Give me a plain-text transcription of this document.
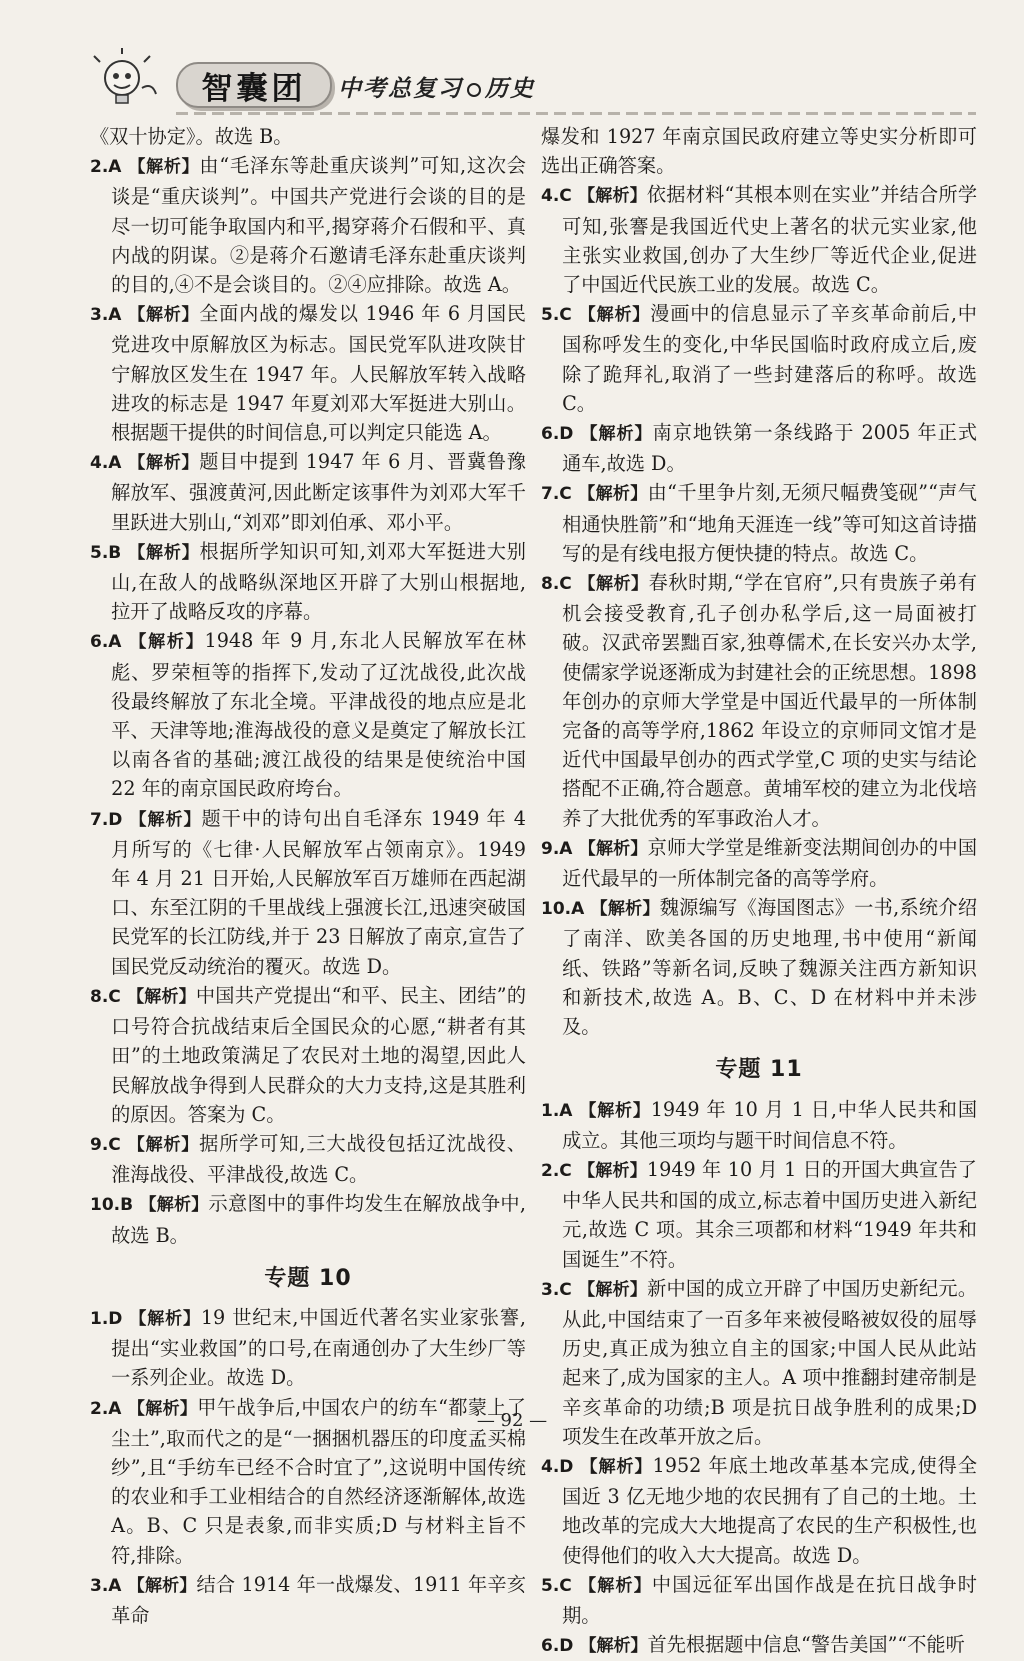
智囊团 中考总复习 历史

《双十协定》。故选 B。

2.A 【解析】由“毛泽东等赴重庆谈判”可知,这次会谈是“重庆谈判”。中国共产党进行会谈的目的是尽一切可能争取国内和平,揭穿蒋介石假和平、真内战的阴谋。②是蒋介石邀请毛泽东赴重庆谈判的目的,④不是会谈目的。②④应排除。故选 A。

3.A 【解析】全面内战的爆发以 1946 年 6 月国民党进攻中原解放区为标志。国民党军队进攻陕甘宁解放区发生在 1947 年。人民解放军转入战略进攻的标志是 1947 年夏刘邓大军挺进大别山。根据题干提供的时间信息,可以判定只能选 A。

4.A 【解析】题目中提到 1947 年 6 月、晋冀鲁豫解放军、强渡黄河,因此断定该事件为刘邓大军千里跃进大别山,“刘邓”即刘伯承、邓小平。

5.B 【解析】根据所学知识可知,刘邓大军挺进大别山,在敌人的战略纵深地区开辟了大别山根据地,拉开了战略反攻的序幕。

6.A 【解析】1948 年 9 月,东北人民解放军在林彪、罗荣桓等的指挥下,发动了辽沈战役,此次战役最终解放了东北全境。平津战役的地点应是北平、天津等地;淮海战役的意义是奠定了解放长江以南各省的基础;渡江战役的结果是使统治中国 22 年的南京国民政府垮台。

7.D 【解析】题干中的诗句出自毛泽东 1949 年 4 月所写的《七律·人民解放军占领南京》。1949 年 4 月 21 日开始,人民解放军百万雄师在西起湖口、东至江阴的千里战线上强渡长江,迅速突破国民党军的长江防线,并于 23 日解放了南京,宣告了国民党反动统治的覆灭。故选 D。

8.C 【解析】中国共产党提出“和平、民主、团结”的口号符合抗战结束后全国民众的心愿,“耕者有其田”的土地政策满足了农民对土地的渴望,因此人民解放战争得到人民群众的大力支持,这是其胜利的原因。答案为 C。

9.C 【解析】据所学可知,三大战役包括辽沈战役、淮海战役、平津战役,故选 C。

10.B 【解析】示意图中的事件均发生在解放战争中,故选 B。

专题 10

1.D 【解析】19 世纪末,中国近代著名实业家张謇,提出“实业救国”的口号,在南通创办了大生纱厂等一系列企业。故选 D。

2.A 【解析】甲午战争后,中国农户的纺车“都蒙上了尘土”,取而代之的是“一捆捆机器压的印度孟买棉纱”,且“手纺车已经不合时宜了”,这说明中国传统的农业和手工业相结合的自然经济逐渐解体,故选 A。B、C 只是表象,而非实质;D 与材料主旨不符,排除。

3.A 【解析】结合 1914 年一战爆发、1911 年辛亥革命

爆发和 1927 年南京国民政府建立等史实分析即可选出正确答案。

4.C 【解析】依据材料“其根本则在实业”并结合所学可知,张謇是我国近代史上著名的状元实业家,他主张实业救国,创办了大生纱厂等近代企业,促进了中国近代民族工业的发展。故选 C。

5.C 【解析】漫画中的信息显示了辛亥革命前后,中国称呼发生的变化,中华民国临时政府成立后,废除了跪拜礼,取消了一些封建落后的称呼。故选 C。

6.D 【解析】南京地铁第一条线路于 2005 年正式通车,故选 D。

7.C 【解析】由“千里争片刻,无须尺幅费笺砚”“声气相通快胜箭”和“地角天涯连一线”等可知这首诗描写的是有线电报方便快捷的特点。故选 C。

8.C 【解析】春秋时期,“学在官府”,只有贵族子弟有机会接受教育,孔子创办私学后,这一局面被打破。汉武帝罢黜百家,独尊儒术,在长安兴办太学,使儒家学说逐渐成为封建社会的正统思想。1898 年创办的京师大学堂是中国近代最早的一所体制完备的高等学府,1862 年设立的京师同文馆才是近代中国最早创办的西式学堂,C 项的史实与结论搭配不正确,符合题意。黄埔军校的建立为北伐培养了大批优秀的军事政治人才。

9.A 【解析】京师大学堂是维新变法期间创办的中国近代最早的一所体制完备的高等学府。

10.A 【解析】魏源编写《海国图志》一书,系统介绍了南洋、欧美各国的历史地理,书中使用“新闻纸、铁路”等新名词,反映了魏源关注西方新知识和新技术,故选 A。B、C、D 在材料中并未涉及。

专题 11

1.A 【解析】1949 年 10 月 1 日,中华人民共和国成立。其他三项均与题干时间信息不符。

2.C 【解析】1949 年 10 月 1 日的开国大典宣告了中华人民共和国的成立,标志着中国历史进入新纪元,故选 C 项。其余三项都和材料“1949 年共和国诞生”不符。

3.C 【解析】新中国的成立开辟了中国历史新纪元。从此,中国结束了一百多年来被侵略被奴役的屈辱历史,真正成为独立自主的国家;中国人民从此站起来了,成为国家的主人。A 项中推翻封建帝制是辛亥革命的功绩;B 项是抗日战争胜利的成果;D 项发生在改革开放之后。

4.D 【解析】1952 年底土地改革基本完成,使得全国近 3 亿无地少地的农民拥有了自己的土地。土地改革的完成大大地提高了农民的生产积极性,也使得他们的收入大大提高。故选 D。

5.C 【解析】中国远征军出国作战是在抗日战争时期。

6.D 【解析】首先根据题中信息“警告美国”“不能听

— 92 —
